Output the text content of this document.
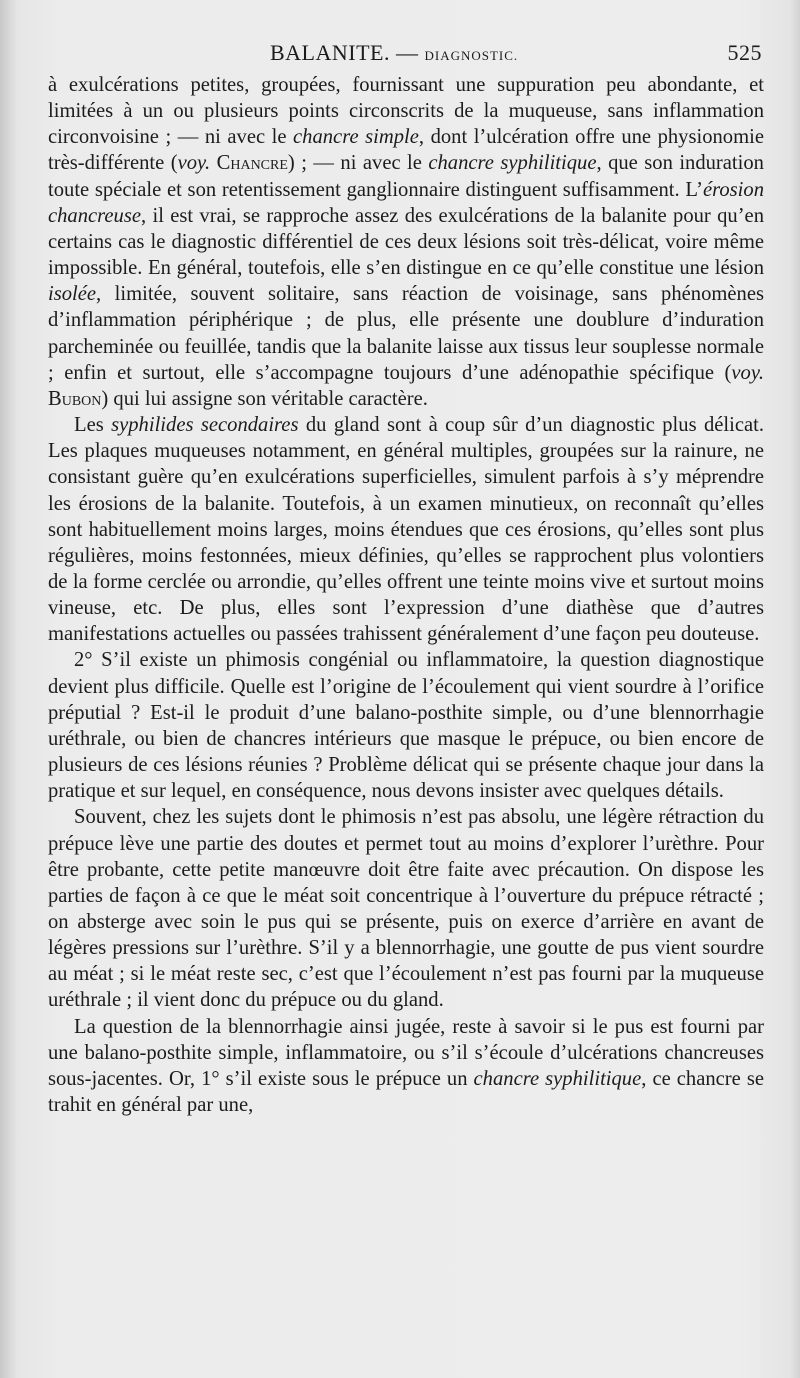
BALANITE. — DIAGNOSTIC.	525

à exulcérations petites, groupées, fournissant une suppuration peu abondante, et limitées à un ou plusieurs points circonscrits de la muqueuse, sans inflammation circonvoisine ; — ni avec le chancre simple, dont l’ulcération offre une physionomie très-différente (voy. Chancre) ; — ni avec le chancre syphilitique, que son induration toute spéciale et son retentissement ganglionnaire distinguent suffisamment. L’érosion chancreuse, il est vrai, se rapproche assez des exulcérations de la balanite pour qu’en certains cas le diagnostic différentiel de ces deux lésions soit très-délicat, voire même impossible. En général, toutefois, elle s’en distingue en ce qu’elle constitue une lésion isolée, limitée, souvent solitaire, sans réaction de voisinage, sans phénomènes d’inflammation périphérique ; de plus, elle présente une doublure d’induration parcheminée ou feuillée, tandis que la balanite laisse aux tissus leur souplesse normale ; enfin et surtout, elle s’accompagne toujours d’une adénopathie spécifique (voy. Bubon) qui lui assigne son véritable caractère.

Les syphilides secondaires du gland sont à coup sûr d’un diagnostic plus délicat. Les plaques muqueuses notamment, en général multiples, groupées sur la rainure, ne consistant guère qu’en exulcérations superficielles, simulent parfois à s’y méprendre les érosions de la balanite. Toutefois, à un examen minutieux, on reconnaît qu’elles sont habituellement moins larges, moins étendues que ces érosions, qu’elles sont plus régulières, moins festonnées, mieux définies, qu’elles se rapprochent plus volontiers de la forme cerclée ou arrondie, qu’elles offrent une teinte moins vive et surtout moins vineuse, etc. De plus, elles sont l’expression d’une diathèse que d’autres manifestations actuelles ou passées trahissent généralement d’une façon peu douteuse.

2° S’il existe un phimosis congénial ou inflammatoire, la question diagnostique devient plus difficile. Quelle est l’origine de l’écoulement qui vient sourdre à l’orifice préputial ? Est-il le produit d’une balano-posthite simple, ou d’une blennorrhagie uréthrale, ou bien de chancres intérieurs que masque le prépuce, ou bien encore de plusieurs de ces lésions réunies ? Problème délicat qui se présente chaque jour dans la pratique et sur lequel, en conséquence, nous devons insister avec quelques détails.

Souvent, chez les sujets dont le phimosis n’est pas absolu, une légère rétraction du prépuce lève une partie des doutes et permet tout au moins d’explorer l’urèthre. Pour être probante, cette petite manœuvre doit être faite avec précaution. On dispose les parties de façon à ce que le méat soit concentrique à l’ouverture du prépuce rétracté ; on absterge avec soin le pus qui se présente, puis on exerce d’arrière en avant de légères pressions sur l’urèthre. S’il y a blennorrhagie, une goutte de pus vient sourdre au méat ; si le méat reste sec, c’est que l’écoulement n’est pas fourni par la muqueuse uréthrale ; il vient donc du prépuce ou du gland.

La question de la blennorrhagie ainsi jugée, reste à savoir si le pus est fourni par une balano-posthite simple, inflammatoire, ou s’il s’écoule d’ulcérations chancreuses sous-jacentes. Or, 1° s’il existe sous le prépuce un chancre syphilitique, ce chancre se trahit en général par une,
